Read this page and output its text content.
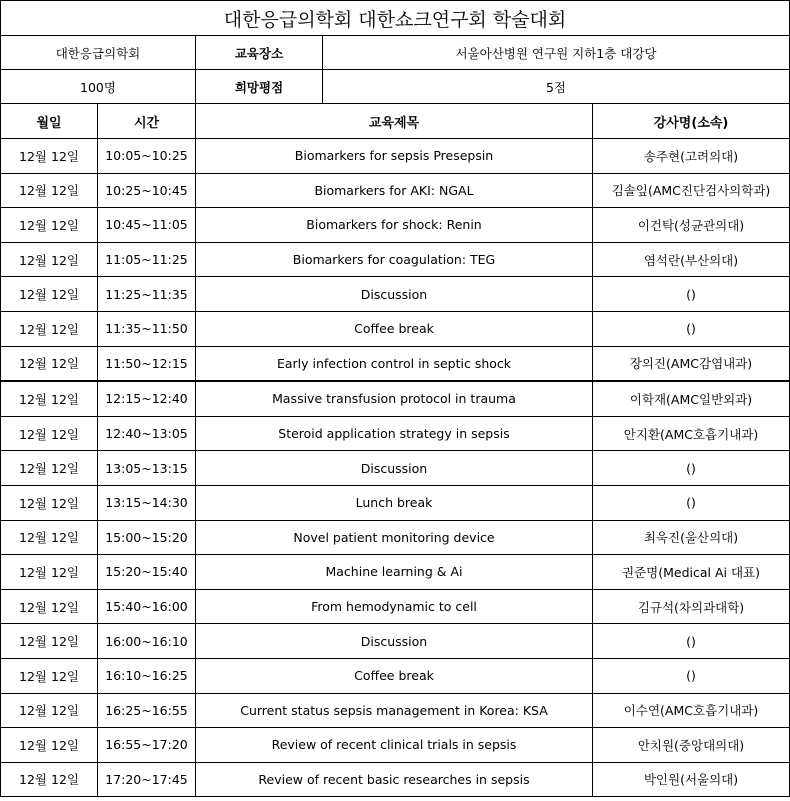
대한응급의학회 대한쇼크연구회 학술대회				
대한응급의학회		교육장소	서울아산병원 연구원 지하1층 대강당	
100명		희망평점	5점	
월일	시간	교육제목		강사명(소속)
12월 12일	10:05~10:25	Biomarkers for sepsis Presepsin		송주현(고려의대)
12월 12일	10:25~10:45	Biomarkers for AKI: NGAL		김솔잎(AMC진단검사의학과)
12월 12일	10:45~11:05	Biomarkers for shock: Renin		이건탁(성균관의대)
12월 12일	11:05~11:25	Biomarkers for coagulation: TEG		염석란(부산의대)
12월 12일	11:25~11:35	Discussion		()
12월 12일	11:35~11:50	Coffee break		()
12월 12일	11:50~12:15	Early infection control in septic shock		장의진(AMC감염내과)
12월 12일	12:15~12:40	Massive transfusion protocol in trauma		이학재(AMC일반외과)
12월 12일	12:40~13:05	Steroid application strategy in sepsis		안지환(AMC호흡기내과)
12월 12일	13:05~13:15	Discussion		()
12월 12일	13:15~14:30	Lunch break		()
12월 12일	15:00~15:20	Novel patient monitoring device		최욱진(울산의대)
12월 12일	15:20~15:40	Machine learning & Ai		권준명(Medical Ai 대표)
12월 12일	15:40~16:00	From hemodynamic to cell		김규석(차의과대학)
12월 12일	16:00~16:10	Discussion		()
12월 12일	16:10~16:25	Coffee break		()
12월 12일	16:25~16:55	Current status sepsis management in Korea: KSA		이수연(AMC호흡기내과)
12월 12일	16:55~17:20	Review of recent clinical trials in sepsis		안치원(중앙대의대)
12월 12일	17:20~17:45	Review of recent basic researches in sepsis		박인원(서울의대)
